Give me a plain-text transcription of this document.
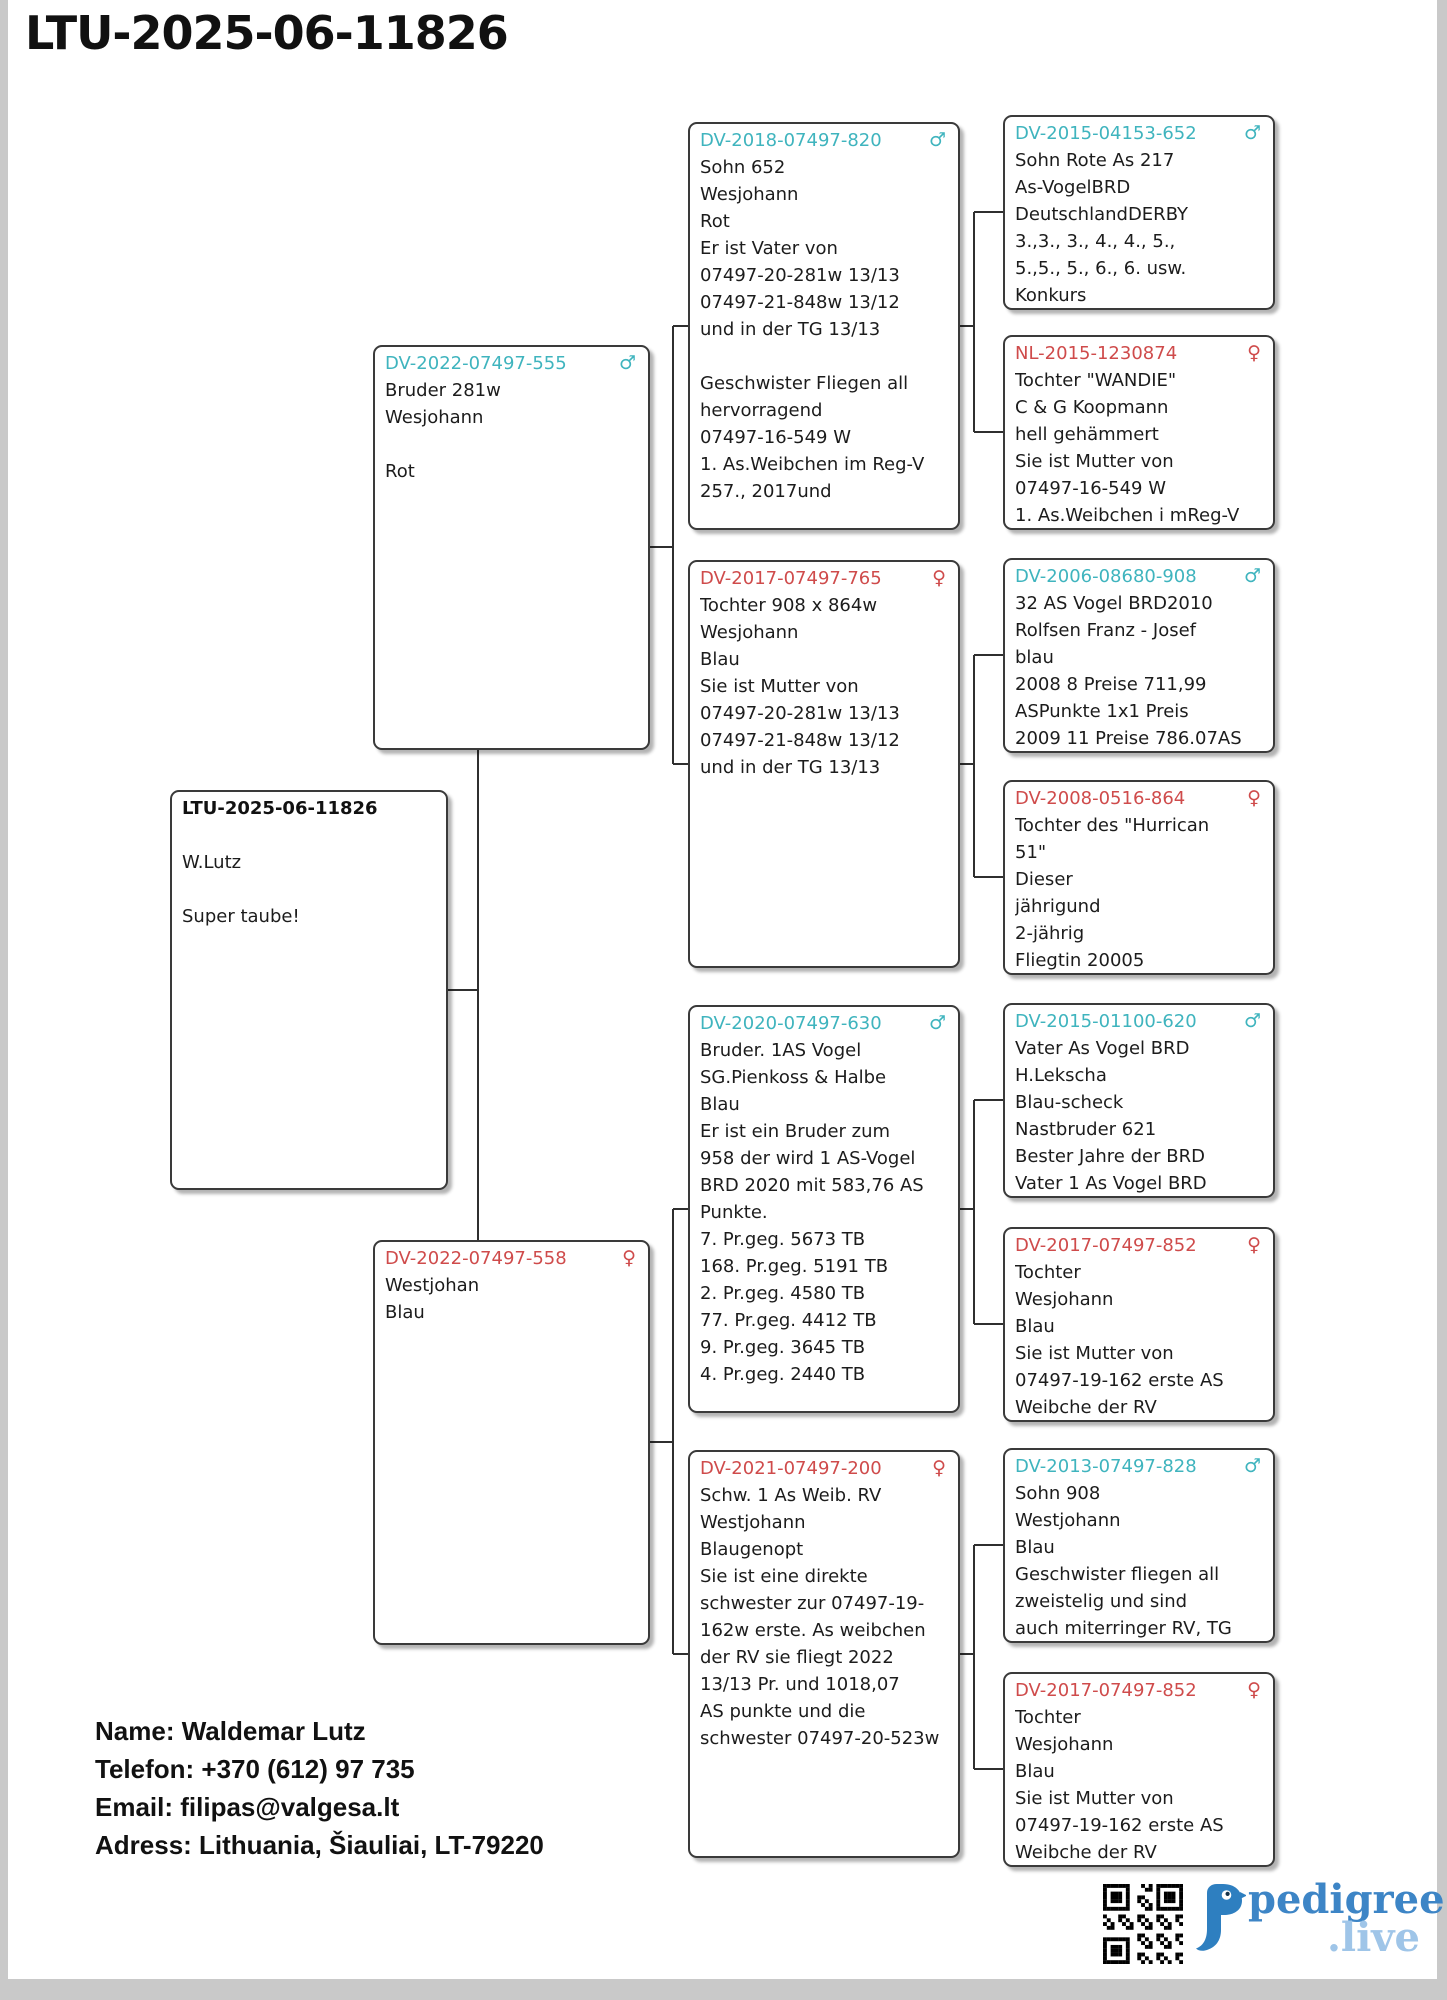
LTU-2025-06-11826
LTU-2025-06-11826

W.Lutz

Super taube!
DV-2022-07497-555	♂
Bruder 281w
Wesjohann

Rot
DV-2022-07497-558	♀
Westjohan
Blau
DV-2018-07497-820 ♂
Sohn 652
Wesjohann
Rot
Er ist Vater von
07497-20-281w 13/13
07497-21-848w 13/12
und in der TG 13/13

Geschwister Fliegen all
hervorragend
07497-16-549 W
1. As.Weibchen im Reg-V
257., 2017und
DV-2017-07497-765	♀
Tochter 908 x 864w
Wesjohann
Blau
Sie ist Mutter von
07497-20-281w 13/13
07497-21-848w 13/12
und in der TG 13/13
DV-2020-07497-630 ♂
Bruder. 1AS Vogel
SG.Pienkoss & Halbe
Blau
Er ist ein Bruder zum
958 der wird 1 AS-Vogel
BRD 2020 mit 583,76 AS
Punkte.
7. Pr.geg. 5673 TB
168. Pr.geg. 5191 TB
2. Pr.geg. 4580 TB
77. Pr.geg. 4412 TB
9. Pr.geg. 3645 TB
4. Pr.geg. 2440 TB
DV-2021-07497-200	♀
Schw. 1 As Weib. RV
Westjohann
Blaugenopt
Sie ist eine direkte
schwester zur 07497-19-
162w erste. As weibchen
der RV sie fliegt 2022
13/13 Pr. und 1018,07
AS punkte und die
schwester 07497-20-523w
DV-2015-04153-652 ♂
Sohn Rote As 217
As-VogelBRD
DeutschlandDERBY
3.,3., 3., 4., 4., 5.,
5.,5., 5., 6., 6. usw.
Konkurs
NL-2015-1230874	♀
Tochter "WANDIE"
C & G Koopmann
hell gehämmert
Sie ist Mutter von
07497-16-549 W
1. As.Weibchen i mReg-V
DV-2006-08680-908 ♂
32 AS Vogel BRD2010
Rolfsen Franz - Josef
blau
2008 8 Preise 711,99
ASPunkte 1x1 Preis
2009 11 Preise 786.07AS
DV-2008-0516-864	♀
Tochter des "Hurrican
51"
Dieser
jährigund
2-jährig
Fliegtin 20005
DV-2015-01100-620 ♂
Vater As Vogel BRD
H.Lekscha
Blau-scheck
Nastbruder 621
Bester Jahre der BRD
Vater 1 As Vogel BRD
DV-2017-07497-852	♀
Tochter
Wesjohann
Blau
Sie ist Mutter von
07497-19-162 erste AS
Weibche der RV
DV-2013-07497-828 ♂
Sohn 908
Westjohann
Blau
Geschwister fliegen all
zweistelig und sind
auch miterringer RV, TG
DV-2017-07497-852	♀
Tochter
Wesjohann
Blau
Sie ist Mutter von
07497-19-162 erste AS
Weibche der RV
Name: Waldemar Lutz
Telefon: +370 (612) 97 735
Email: filipas@valgesa.lt
Adress: Lithuania, Šiauliai, LT-79220
pedigree
.live
